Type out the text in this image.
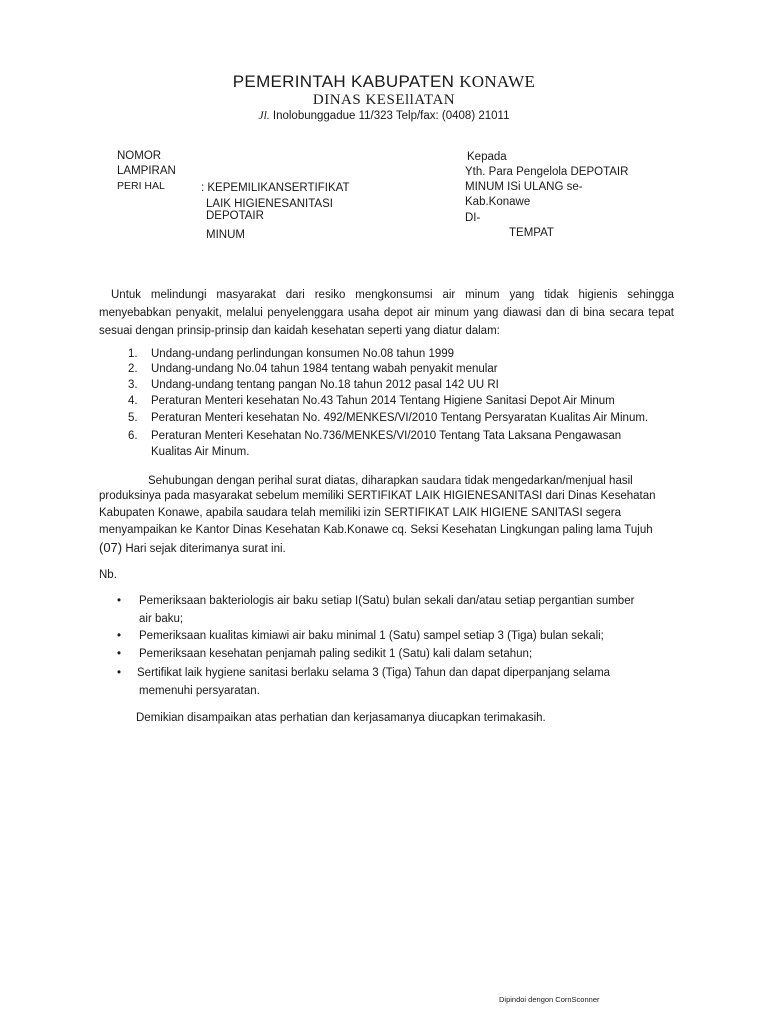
PEMERINTAH KABUPATEN KONAWE
DINAS KESEllATAN
Jl. Inolobunggadue 11/323 Telp/fax: (0408) 21011
NOMOR
LAMPIRAN
PERI HAL	: KEPEMILIKANSERTIFIKAT
LAIK HIGIENESANITASI
DEPOTAIR
MINUM
Kepada
Yth. Para Pengelola DEPOTAIR
MINUM ISi ULANG se-
Kab.Konawe
DI-
TEMPAT
Untuk melindungi masyarakat dari resiko mengkonsumsi air minum yang tidak higienis sehingga menyebabkan penyakit, melalui penyelenggara usaha depot air minum yang diawasi dan di bina secara tepat sesuai dengan prinsip-prinsip dan kaidah kesehatan seperti yang diatur dalam:
1. Undang-undang perlindungan konsumen No.08 tahun 1999
2. Undang-undang No.04 tahun 1984 tentang wabah penyakit menular
3. Undang-undang tentang pangan No.18 tahun 2012 pasal 142 UU RI
4. Peraturan Menteri kesehatan No.43 Tahun 2014 Tentang Higiene Sanitasi Depot Air Minum
5. Peraturan Menteri kesehatan No. 492/MENKES/VI/2010 Tentang Persyaratan Kualitas Air Minum.
6. Peraturan Menteri Kesehatan No.736/MENKES/VI/2010 Tentang Tata Laksana Pengawasan
Kualitas Air Minum.
Sehubungan dengan perihal surat diatas, diharapkan saudara tidak mengedarkan/menjual hasil
produksinya pada masyarakat sebelum memiliki SERTIFIKAT LAIK HIGIENESANITASI dari Dinas Kesehatan
Kabupaten Konawe, apabila saudara telah memiliki izin SERTIFIKAT LAIK HIGIENE SANITASI segera
menyampaikan ke Kantor Dinas Kesehatan Kab.Konawe cq. Seksi Kesehatan Lingkungan paling lama Tujuh
(07) Hari sejak diterimanya surat ini.
Nb.
• Pemeriksaan bakteriologis air baku setiap I(Satu) bulan sekali dan/atau setiap pergantian sumber
air baku;
• Pemeriksaan kualitas kimiawi air baku minimal 1 (Satu) sampel setiap 3 (Tiga) bulan sekali;
• Pemeriksaan kesehatan penjamah paling sedikit 1 (Satu) kali dalam setahun;
• Sertifikat laik hygiene sanitasi berlaku selama 3 (Tiga) Tahun dan dapat diperpanjang selama
memenuhi persyaratan.
Demikian disampaikan atas perhatian dan kerjasamanya diucapkan terimakasih.
Dipindoi dengon CornSconner
